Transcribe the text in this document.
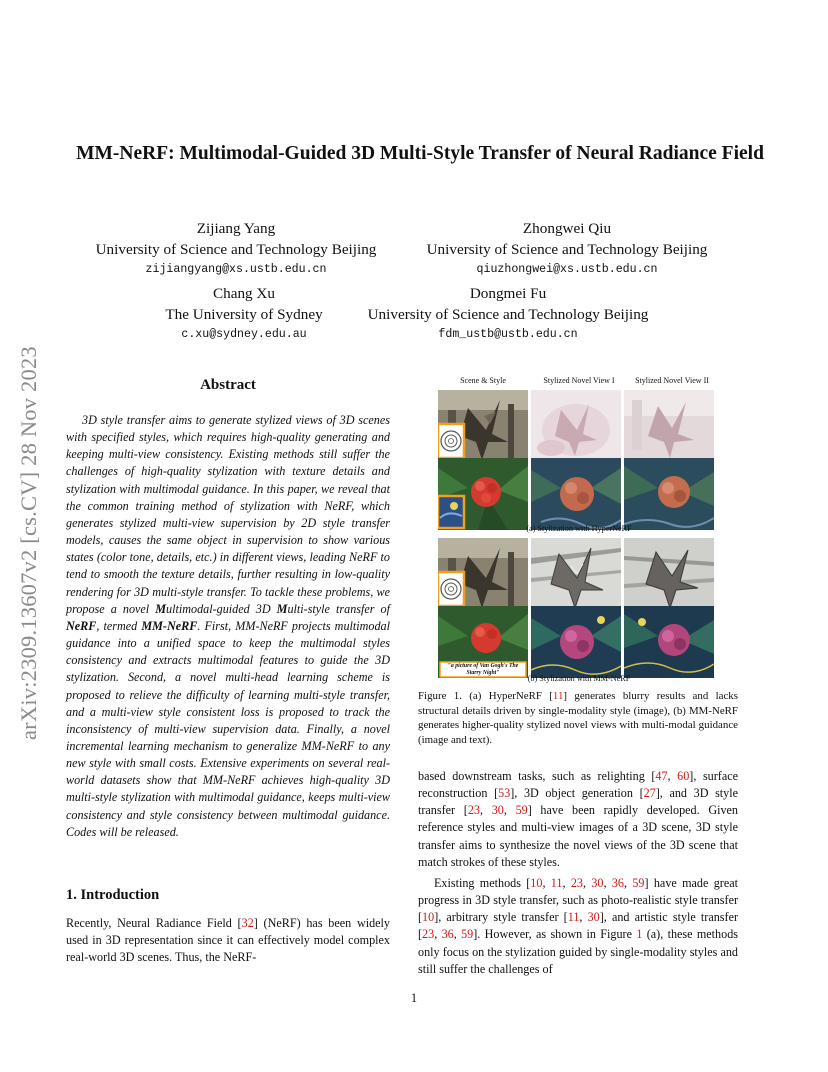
arXiv:2309.13607v2 [cs.CV] 28 Nov 2023
MM-NeRF: Multimodal-Guided 3D Multi-Style Transfer of Neural Radiance Field
Zijiang Yang
University of Science and Technology Beijing
zijiangyang@xs.ustb.edu.cn
Zhongwei Qiu
University of Science and Technology Beijing
qiuzhongwei@xs.ustb.edu.cn
Chang Xu
The University of Sydney
c.xu@sydney.edu.au
Dongmei Fu
University of Science and Technology Beijing
fdm_ustb@ustb.edu.cn
Abstract

3D style transfer aims to generate stylized views of 3D scenes with specified styles, which requires high-quality generating and keeping multi-view consistency. Existing methods still suffer the challenges of high-quality stylization with texture details and stylization with multimodal guidance. In this paper, we reveal that the common training method of stylization with NeRF, which generates stylized multi-view supervision by 2D style transfer models, causes the same object in supervision to show various states (color tone, details, etc.) in different views, leading NeRF to tend to smooth the texture details, further resulting in low-quality rendering for 3D multi-style transfer. To tackle these problems, we propose a novel Multimodal-guided 3D Multi-style transfer of NeRF, termed MM-NeRF. First, MM-NeRF projects multimodal guidance into a unified space to keep the multimodal styles consistency and extracts multimodal features to guide the 3D stylization. Second, a novel multi-head learning scheme is proposed to relieve the difficulty of learning multi-style transfer, and a multi-view style consistent loss is proposed to track the inconsistency of multi-view supervision data. Finally, a novel incremental learning mechanism to generalize MM-NeRF to any new style with small costs. Extensive experiments on several real-world datasets show that MM-NeRF achieves high-quality 3D multi-style stylization with multimodal guidance, keeps multi-view consistency and style consistency between multimodal guidance. Codes will be released.

1. Introduction

Recently, Neural Radiance Field [32] (NeRF) has been widely used in 3D representation since it can effectively model complex real-world 3D scenes. Thus, the NeRF-

Scene & Style	Stylized Novel View I	Stylized Novel View II
(a) Stylization with HyperNeRF
"a picture of Van Gogh's The Starry Night"
(b) Stylization with MM-NeRF

Figure 1. (a) HyperNeRF [11] generates blurry results and lacks structural details driven by single-modality style (image), (b) MM-NeRF generates higher-quality stylized novel views with multi-modal guidance (image and text).

based downstream tasks, such as relighting [47, 60], surface reconstruction [53], 3D object generation [27], and 3D style transfer [23, 30, 59] have been rapidly developed. Given reference styles and multi-view images of a 3D scene, 3D style transfer aims to synthesize the novel views of the 3D scene that match strokes of these styles.

Existing methods [10, 11, 23, 30, 36, 59] have made great progress in 3D style transfer, such as photo-realistic style transfer [10], arbitrary style transfer [11, 30], and artistic style transfer [23, 36, 59]. However, as shown in Figure 1 (a), these methods only focus on the stylization guided by single-modality styles and still suffer the challenges of

1
